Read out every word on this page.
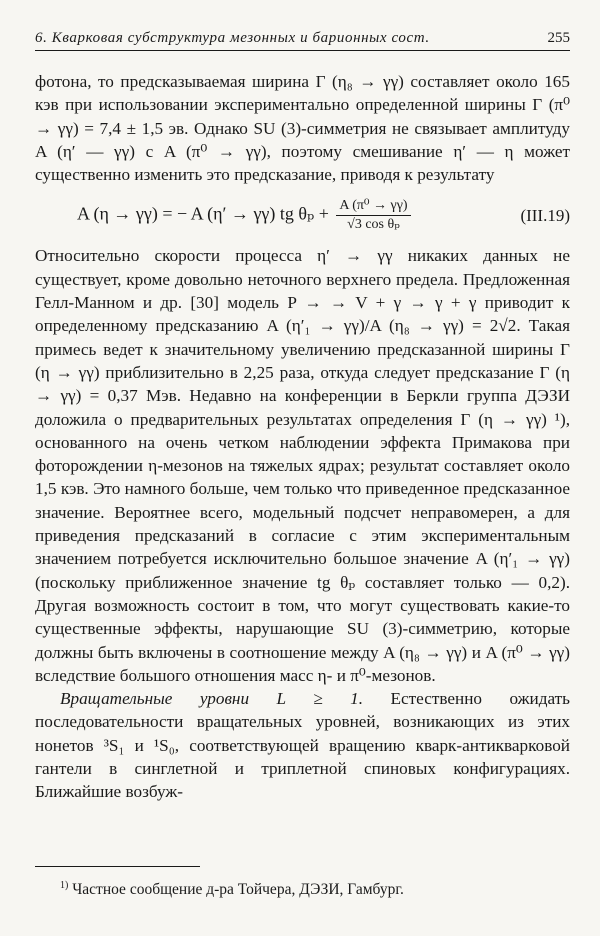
6. Кварковая субструктура мезонных и барионных сост.	255

фотона, то предсказываемая ширина Γ (η₈ → γγ) составляет около 165 кэв при использовании экспериментально определенной ширины Γ (π⁰ → γγ) = 7,4 ± 1,5 эв. Однако SU (3)-симметрия не связывает амплитуду A (η′ — γγ) с A (π⁰ → γγ), поэтому смешивание η′ — η может существенно изменить это предсказание, приводя к результату

A (η → γγ) = − A (η′ → γγ) tg $\theta_p + \frac{\text{A (π⁰ → γγ)}}{\text{√3 cos θₚ}}$	(III.19)

Относительно скорости процесса η′ → γγ никаких данных не существует, кроме довольно неточного верхнего предела. Предложенная Гелл-Манном и др. [30] модель P → → V + γ → γ + γ приводит к определенному предсказанию A (η′₁ → γγ)/A (η₈ → γγ) = 2√2. Такая примесь ведет к значительному увеличению предсказанной ширины Γ (η → γγ) приблизительно в 2,25 раза, откуда следует предсказание Γ (η → γγ) = 0,37 Мэв. Недавно на конференции в Беркли группа ДЭЗИ доложила о предварительных результатах определения Γ (η → γγ) ¹), основанного на очень четком наблюдении эффекта Примакова при фоторождении η-мезонов на тяжелых ядрах; результат составляет около 1,5 кэв. Это намного больше, чем только что приведенное предсказанное значение. Вероятнее всего, модельный подсчет неправомерен, а для приведения предсказаний в согласие с этим экспериментальным значением потребуется исключительно большое значение A (η′₁ → γγ) (поскольку приближенное значение tg θₚ составляет только — 0,2). Другая возможность состоит в том, что могут существовать какие-то существенные эффекты, нарушающие SU (3)-симметрию, которые должны быть включены в соотношение между A (η₈ → γγ) и A (π⁰ → γγ) вследствие большого отношения масс η- и π⁰-мезонов.

Вращательные уровни L ≥ 1. Естественно ожидать последовательности вращательных уровней, возникающих из этих нонетов ³S₁ и ¹S₀, соответствующей вращению кварк-антикварковой гантели в синглетной и триплетной спиновых конфигурациях. Ближайшие возбуж-

$^{1)}$ Частное сообщение д-ра Тойчера, ДЭЗИ, Гамбург.
